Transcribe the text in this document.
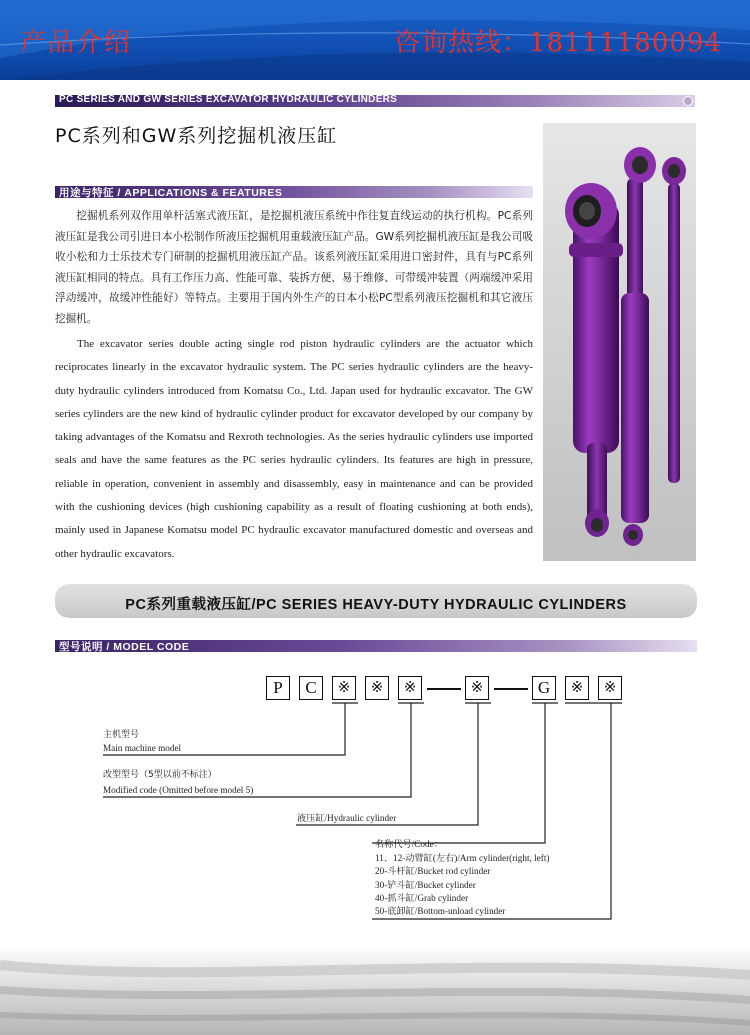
产品介绍	咨询热线：18111180094
PC SERIES AND GW SERIES EXCAVATOR HYDRAULIC CYLINDERS
PC系列和GW系列挖掘机液压缸
用途与特征 / APPLICATIONS & FEATURES

挖掘机系列双作用单杆活塞式液压缸，是挖掘机液压系统中作往复直线运动的执行机构。PC系列液压缸是我公司引进日本小松制作所液压挖掘机用重载液压缸产品。GW系列挖掘机液压缸是我公司吸收小松和力士乐技术专门研制的挖掘机用液压缸产品。该系列液压缸采用进口密封件，具有与PC系列液压缸相同的特点。具有工作压力高、性能可靠、装拆方便、易于维修、可带缓冲装置（两端缓冲采用浮动缓冲，故缓冲性能好）等特点。主要用于国内外生产的日本小松PC型系列液压挖掘机和其它液压挖掘机。

The excavator series double acting single rod piston hydraulic cylinders are the actuator which reciprocates linearly in the excavator hydraulic system. The PC series hydraulic cylinders are the heavy-duty hydraulic cylinders introduced from Komatsu Co., Ltd. Japan used for hydraulic excavator. The GW series cylinders are the new kind of hydraulic cylinder product for excavator developed by our company by taking advantages of the Komatsu and Rexroth technologies. As the series hydraulic cylinders use imported seals and have the same features as the PC series hydraulic cylinders. Its features are high in pressure, reliable in operation, convenient in assembly and disassembly, easy in maintenance and can be provided with the cushioning devices (high cushioning capability as a result of floating cushioning at both ends), mainly used in Japanese Komatsu model PC hydraulic excavator manufactured domestic and overseas and other hydraulic excavators.

PC系列重载液压缸/PC SERIES HEAVY-DUTY HYDRAULIC CYLINDERS
型号说明 / MODEL CODE
P	C	※	※	※	※	G	※	※
主机型号
Main machine model
改型型号（5型以前不标注）
Modified code (Omitted before model 5)
液压缸/Hydraulic cylinder
名称代号/Code：
11、12-动臂缸(左右)/Arm cylinder(right, left)
20-斗杆缸/Bucket rod cylinder
30-铲斗缸/Bucket cylinder
40-抓斗缸/Grab cylinder
50-底卸缸/Bottom-unload cylinder
